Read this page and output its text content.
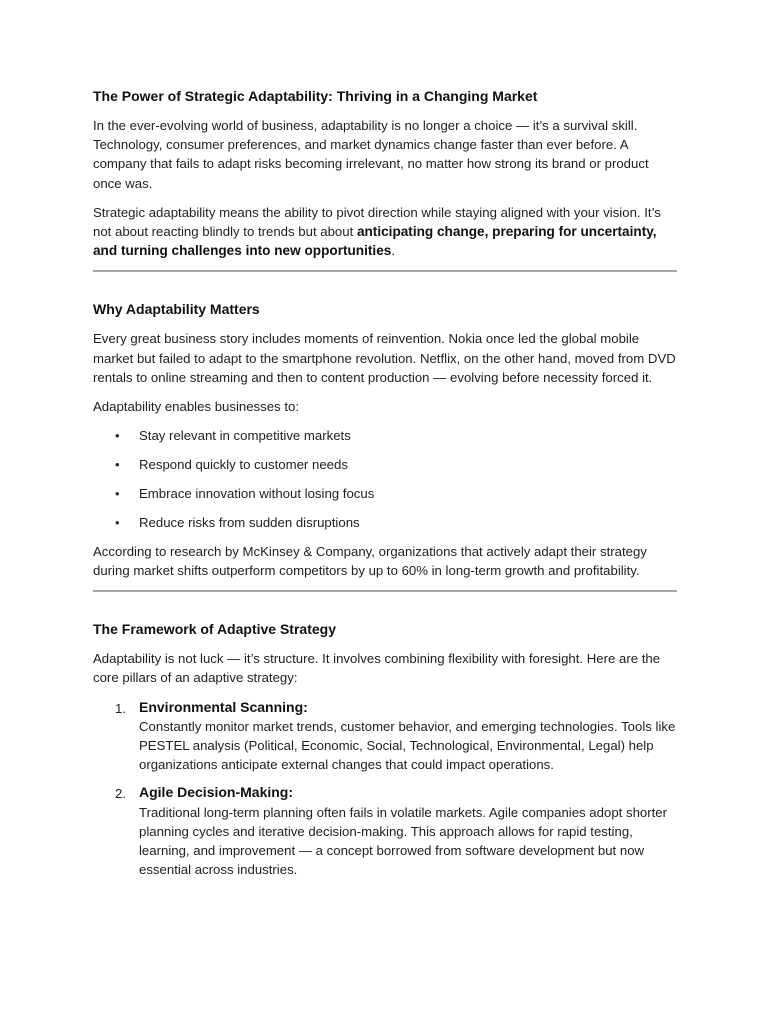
The Power of Strategic Adaptability: Thriving in a Changing Market

In the ever-evolving world of business, adaptability is no longer a choice — it’s a survival skill. Technology, consumer preferences, and market dynamics change faster than ever before. A company that fails to adapt risks becoming irrelevant, no matter how strong its brand or product once was.

Strategic adaptability means the ability to pivot direction while staying aligned with your vision. It’s not about reacting blindly to trends but about anticipating change, preparing for uncertainty, and turning challenges into new opportunities.

Why Adaptability Matters

Every great business story includes moments of reinvention. Nokia once led the global mobile market but failed to adapt to the smartphone revolution. Netflix, on the other hand, moved from DVD rentals to online streaming and then to content production — evolving before necessity forced it.

Adaptability enables businesses to:

• Stay relevant in competitive markets
• Respond quickly to customer needs
• Embrace innovation without losing focus
• Reduce risks from sudden disruptions

According to research by McKinsey & Company, organizations that actively adapt their strategy during market shifts outperform competitors by up to 60% in long-term growth and profitability.

The Framework of Adaptive Strategy

Adaptability is not luck — it’s structure. It involves combining flexibility with foresight. Here are the core pillars of an adaptive strategy:

1. Environmental Scanning:
Constantly monitor market trends, customer behavior, and emerging technologies. Tools like PESTEL analysis (Political, Economic, Social, Technological, Environmental, Legal) help organizations anticipate external changes that could impact operations.
2. Agile Decision-Making:
Traditional long-term planning often fails in volatile markets. Agile companies adopt shorter planning cycles and iterative decision-making. This approach allows for rapid testing, learning, and improvement — a concept borrowed from software development but now essential across industries.
